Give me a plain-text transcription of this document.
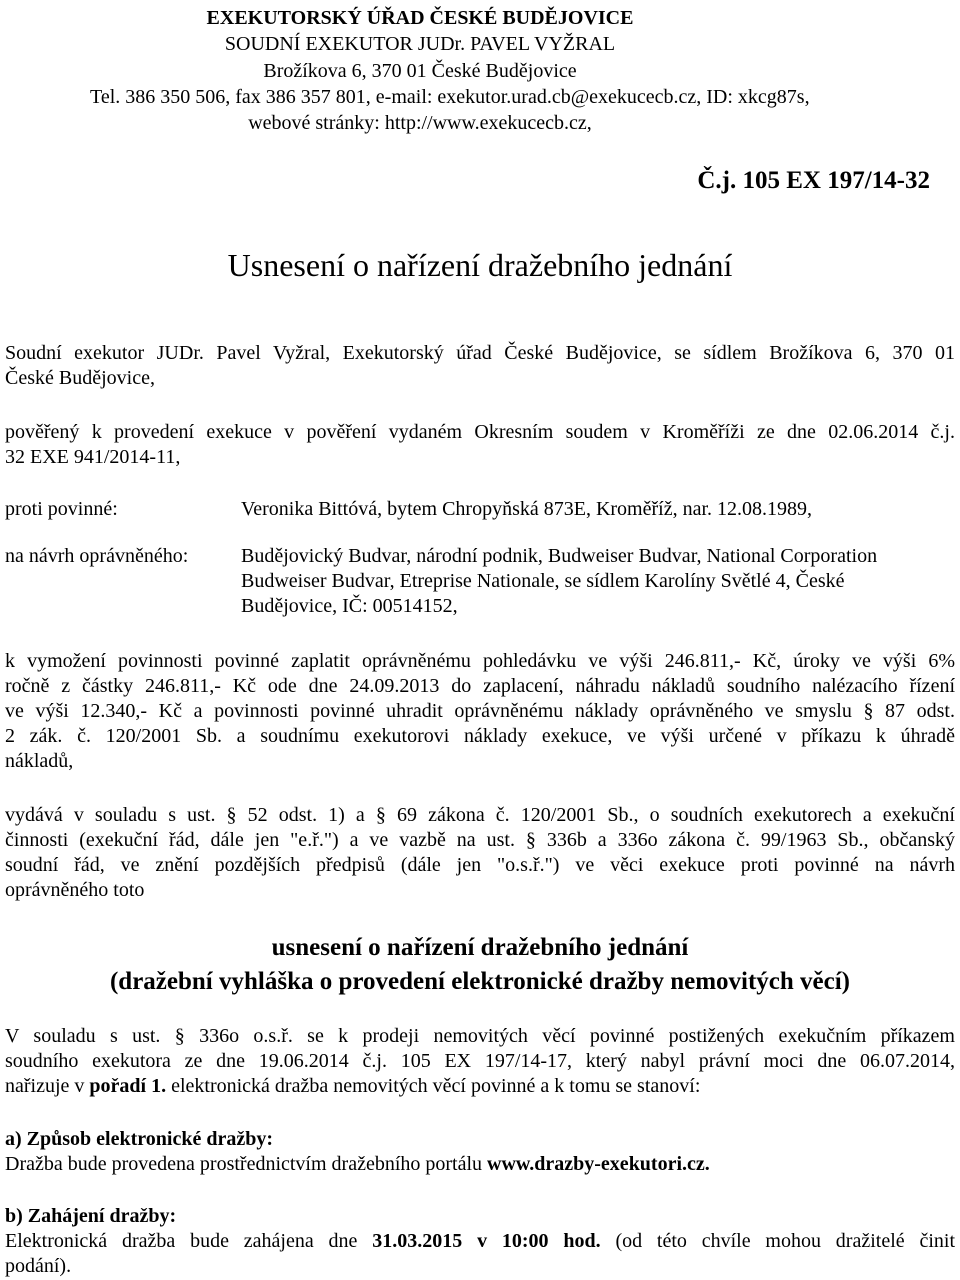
EXEKUTORSKÝ ÚŘAD ČESKÉ BUDĚJOVICE
SOUDNÍ EXEKUTOR JUDr. PAVEL VYŽRAL
Brožíkova 6, 370 01 České Budějovice
Tel. 386 350 506, fax 386 357 801, e-mail: exekutor.urad.cb@exekucecb.cz, ID: xkcg87s,
webové stránky: http://www.exekucecb.cz,
Č.j. 105 EX 197/14-32
Usnesení o nařízení dražebního jednání
Soudní exekutor JUDr. Pavel Vyžral, Exekutorský úřad České Budějovice, se sídlem Brožíkova 6, 370 01
České Budějovice,
pověřený k provedení exekuce v pověření vydaném Okresním soudem v Kroměříži ze dne 02.06.2014 č.j.
32 EXE 941/2014-11,
proti povinné:	Veronika Bittóvá, bytem Chropyňská 873E, Kroměříž, nar. 12.08.1989,
na návrh oprávněného:	Budějovický Budvar, národní podnik, Budweiser Budvar, National Corporation
Budweiser Budvar, Etreprise Nationale, se sídlem Karolíny Světlé 4, České
Budějovice, IČ: 00514152,
k vymožení povinnosti povinné zaplatit oprávněnému pohledávku ve výši 246.811,- Kč, úroky ve výši 6%
ročně z částky 246.811,- Kč ode dne 24.09.2013 do zaplacení, náhradu nákladů soudního nalézacího řízení
ve výši 12.340,- Kč a povinnosti povinné uhradit oprávněnému náklady oprávněného ve smyslu § 87 odst.
2 zák. č. 120/2001 Sb. a soudnímu exekutorovi náklady exekuce, ve výši určené v příkazu k úhradě
nákladů,
vydává v souladu s ust. § 52 odst. 1) a § 69 zákona č. 120/2001 Sb., o soudních exekutorech a exekuční
činnosti (exekuční řád, dále jen "e.ř.") a ve vazbě na ust. § 336b a 336o zákona č. 99/1963 Sb., občanský
soudní řád, ve znění pozdějších předpisů (dále jen "o.s.ř.") ve věci exekuce proti povinné na návrh
oprávněného toto
usnesení o nařízení dražebního jednání
(dražební vyhláška o provedení elektronické dražby nemovitých věcí)
V souladu s ust. § 336o o.s.ř. se k prodeji nemovitých věcí povinné postižených exekučním příkazem
soudního exekutora ze dne 19.06.2014 č.j. 105 EX 197/14-17, který nabyl právní moci dne 06.07.2014,
nařizuje v pořadí 1. elektronická dražba nemovitých věcí povinné a k tomu se stanoví:
a) Způsob elektronické dražby:
Dražba bude provedena prostřednictvím dražebního portálu www.drazby-exekutori.cz.
b) Zahájení dražby:
Elektronická dražba bude zahájena dne 31.03.2015 v 10:00 hod. (od této chvíle mohou dražitelé činit
podání).
